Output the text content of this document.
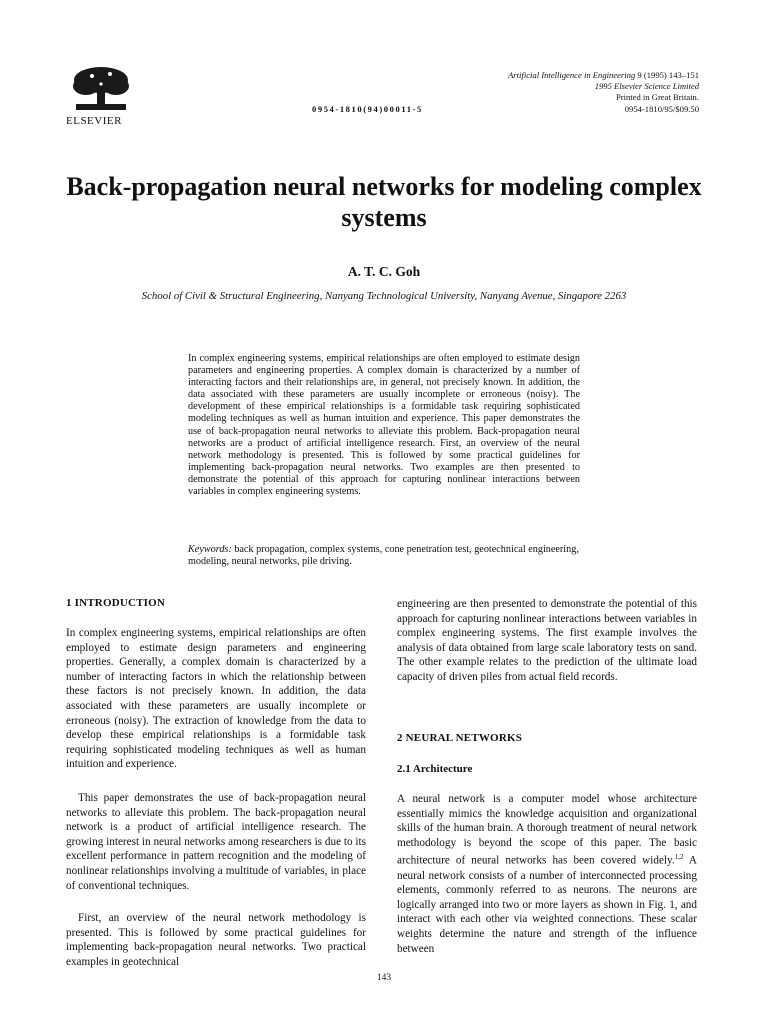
ELSEVIER
0954-1810(94)00011-5
Artificial Intelligence in Engineering 9 (1995) 143–151
1995 Elsevier Science Limited
Printed in Great Britain.
0954-1810/95/$09.50
Back-propagation neural networks for modeling complex systems
A. T. C. Goh
School of Civil & Structural Engineering, Nanyang Technological University, Nanyang Avenue, Singapore 2263
In complex engineering systems, empirical relationships are often employed to estimate design parameters and engineering properties. A complex domain is characterized by a number of interacting factors and their relationships are, in general, not precisely known. In addition, the data associated with these parameters are usually incomplete or erroneous (noisy). The development of these empirical relationships is a formidable task requiring sophisticated modeling techniques as well as human intuition and experience. This paper demonstrates the use of back-propagation neural networks to alleviate this problem. Back-propagation neural networks are a product of artificial intelligence research. First, an overview of the neural network methodology is presented. This is followed by some practical guidelines for implementing back-propagation neural networks. Two examples are then presented to demonstrate the potential of this approach for capturing nonlinear interactions between variables in complex engineering systems.
Keywords: back propagation, complex systems, cone penetration test, geotechnical engineering, modeling, neural networks, pile driving.
1 INTRODUCTION
In complex engineering systems, empirical relationships are often employed to estimate design parameters and engineering properties. Generally, a complex domain is characterized by a number of interacting factors in which the relationship between these factors is not precisely known. In addition, the data associated with these parameters are usually incomplete or erroneous (noisy). The extraction of knowledge from the data to develop these empirical relationships is a formidable task requiring sophisticated modeling techniques as well as human intuition and experience.
This paper demonstrates the use of back-propagation neural networks to alleviate this problem. The back-propagation neural network is a product of artificial intelligence research. The growing interest in neural networks among researchers is due to its excellent performance in pattern recognition and the modeling of nonlinear relationships involving a multitude of variables, in place of conventional techniques.
First, an overview of the neural network methodology is presented. This is followed by some practical guidelines for implementing back-propagation neural networks. Two practical examples in geotechnical
engineering are then presented to demonstrate the potential of this approach for capturing nonlinear interactions between variables in complex engineering systems. The first example involves the analysis of data obtained from large scale laboratory tests on sand. The other example relates to the prediction of the ultimate load capacity of driven piles from actual field records.
2 NEURAL NETWORKS
2.1 Architecture
A neural network is a computer model whose architecture essentially mimics the knowledge acquisition and organizational skills of the human brain. A thorough treatment of neural network methodology is beyond the scope of this paper. The basic architecture of neural networks has been covered widely.$^{1,2}$ A neural network consists of a number of interconnected processing elements, commonly referred to as neurons. The neurons are logically arranged into two or more layers as shown in Fig. 1, and interact with each other via weighted connections. These scalar weights determine the nature and strength of the influence between
143
